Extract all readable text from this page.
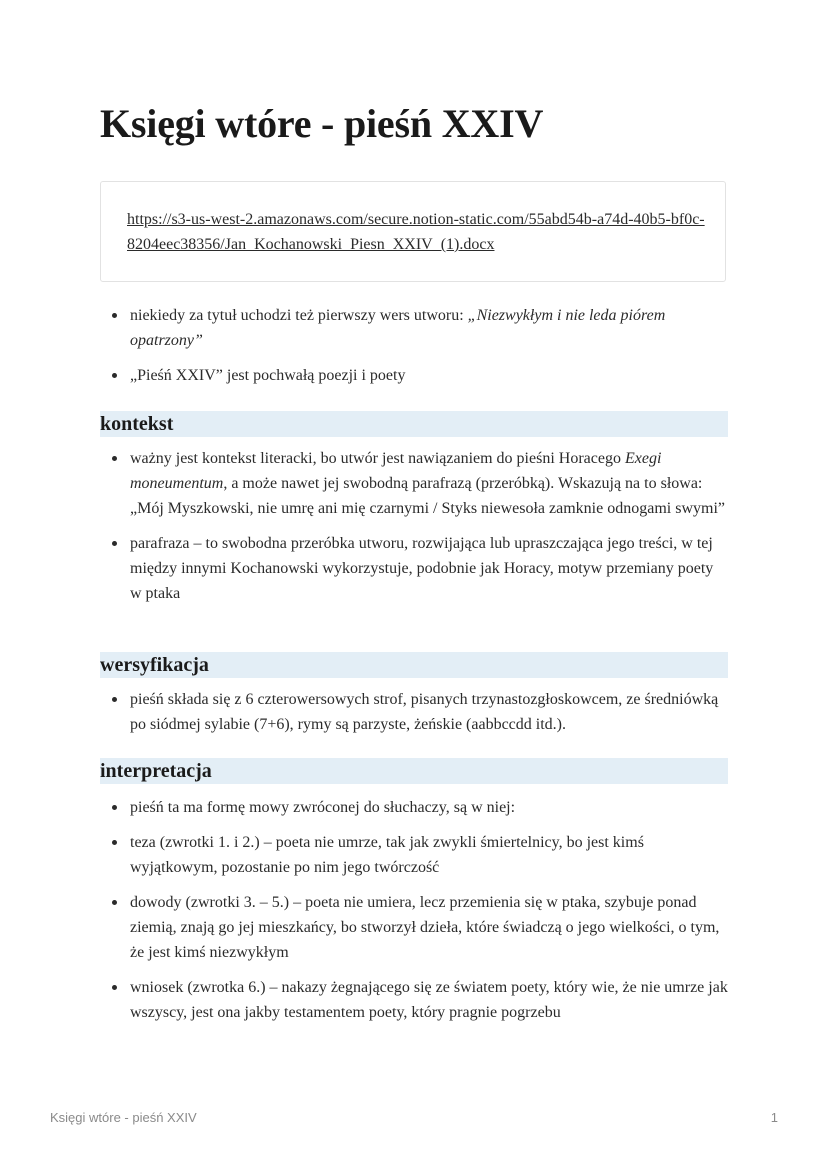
Księgi wtóre - pieśń XXIV
https://s3-us-west-2.amazonaws.com/secure.notion-static.com/55abd54b-a74d-40b5-bf0c-8204eec38356/Jan_Kochanowski_Piesn_XXIV_(1).docx
niekiedy za tytuł uchodzi też pierwszy wers utworu: „Niezwykłym i nie leda piórem opatrzony”
„Pieśń XXIV” jest pochwałą poezji i poety
kontekst
ważny jest kontekst literacki, bo utwór jest nawiązaniem do pieśni Horacego Exegi moneumentum, a może nawet jej swobodną parafrazą (przeróbką). Wskazują na to słowa: „Mój Myszkowski, nie umrę ani mię czarnymi / Styks niewesoła zamknie odnogami swymi”
parafraza – to swobodna przeróbka utworu, rozwijająca lub upraszczająca jego treści, w tej między innymi Kochanowski wykorzystuje, podobnie jak Horacy, motyw przemiany poety w ptaka
wersyfikacja
pieśń składa się z 6 czterowersowych strof, pisanych trzynastozgłoskowcem, ze średniówką po siódmej sylabie (7+6), rymy są parzyste, żeńskie (aabbccdd itd.).
interpretacja
pieśń ta ma formę mowy zwróconej do słuchaczy, są w niej:
teza (zwrotki 1. i 2.) – poeta nie umrze, tak jak zwykli śmiertelnicy, bo jest kimś wyjątkowym, pozostanie po nim jego twórczość
dowody (zwrotki 3. – 5.) – poeta nie umiera, lecz przemienia się w ptaka, szybuje ponad ziemią, znają go jej mieszkańcy, bo stworzył dzieła, które świadczą o jego wielkości, o tym, że jest kimś niezwykłym
wniosek (zwrotka 6.) – nakazy żegnającego się ze światem poety, który wie, że nie umrze jak wszyscy, jest ona jakby testamentem poety, który pragnie pogrzebu
Księgi wtóre - pieśń XXIV	1
